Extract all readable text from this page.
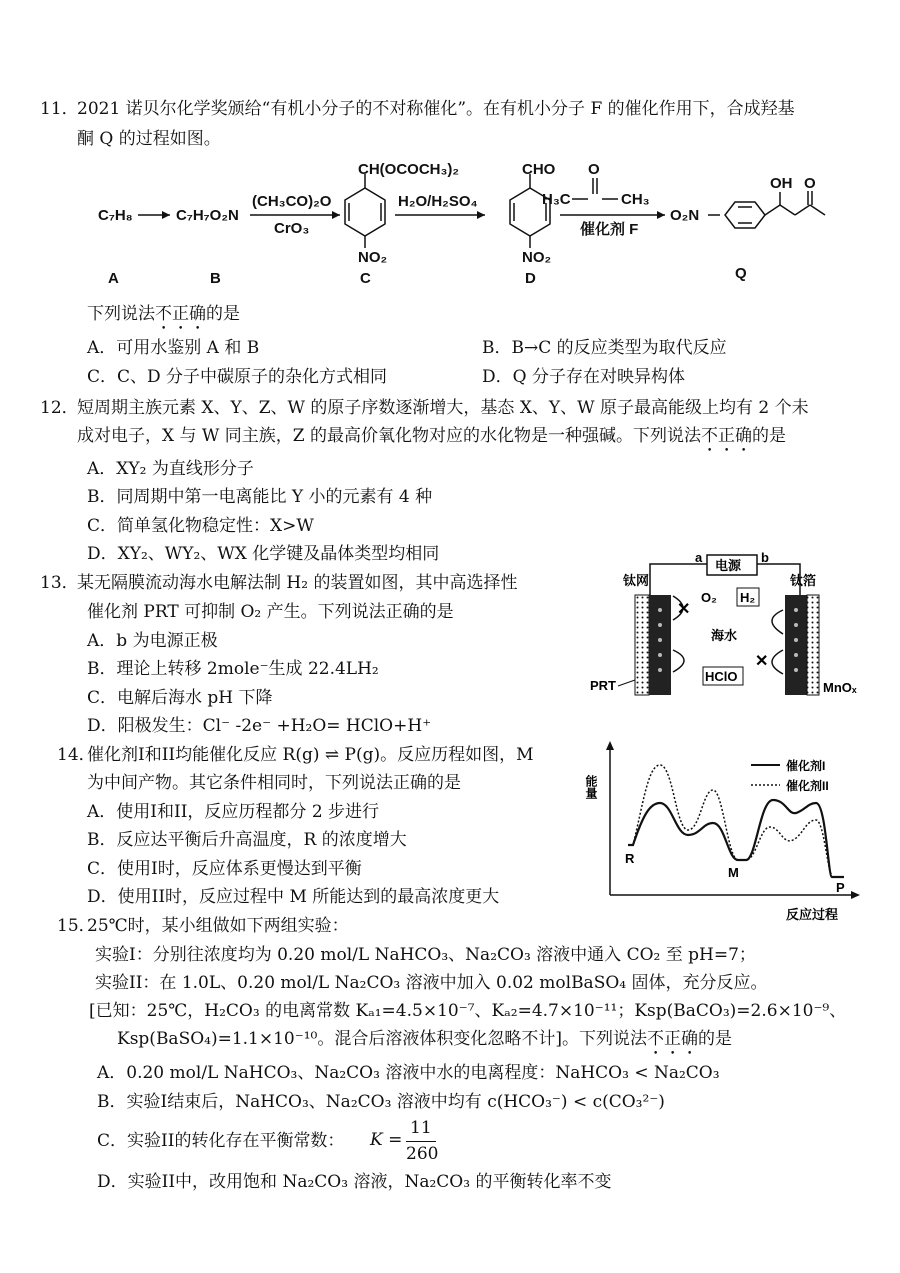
11．
2021 诺贝尔化学奖颁给“有机小分子的不对称催化”。在有机小分子 F 的催化作用下，合成羟基
酮 Q 的过程如图。
C₇H₈	C₇H₇O₂N
(CH₃CO)₂O
CrO₃
CH(OCOCH₃)₂
NO₂
H₂O/H₂SO₄
CHO
NO₂
O
H₃C	CH₃
催化剂 F
O₂N
OH O
A	B	C	D	Q
下列说法不正确的是
A．可用水鉴别 A 和 B	B．B→C 的反应类型为取代反应
C．C、D 分子中碳原子的杂化方式相同	D．Q 分子存在对映异构体
12．
短周期主族元素 X、Y、Z、W 的原子序数逐渐增大，基态 X、Y、W 原子最高能级上均有 2 个未
成对电子，X 与 W 同主族，Z 的最高价氧化物对应的水化物是一种强碱。下列说法不正确的是
A．XY₂ 为直线形分子
B．同周期中第一电离能比 Y 小的元素有 4 种
C．简单氢化物稳定性：X>W
D．XY₂、WY₂、WX 化学键及晶体类型均相同
13．
某无隔膜流动海水电解法制 H₂ 的装置如图，其中高选择性
催化剂 PRT 可抑制 O₂ 产生。下列说法正确的是
A．b 为电源正极
B．理论上转移 2mole⁻生成 22.4LH₂
C．电解后海水 pH 下降
D．阳极发生：Cl⁻ -2e⁻ +H₂O= HClO+H⁺
电源
a	b
钛网	钛箔
✕
✕
O₂ H₂
海水
HClO
PRT	MnOₓ
14．
催化剂I和II均能催化反应 R(g) ⇌ P(g)。反应历程如图，M
为中间产物。其它条件相同时，下列说法正确的是
A．使用I和II，反应历程都分 2 步进行
B．反应达平衡后升高温度，R 的浓度增大
C．使用I时，反应体系更慢达到平衡
D．使用II时，反应过程中 M 所能达到的最高浓度更大
能量
反应过程
催化剂I
催化剂II
R
M
P
15．
25℃时，某小组做如下两组实验：
实验I：分别往浓度均为 0.20 mol/L NaHCO₃、Na₂CO₃ 溶液中通入 CO₂ 至 pH=7；
实验II：在 1.0L、0.20 mol/L Na₂CO₃ 溶液中加入 0.02 molBaSO₄ 固体，充分反应。
[已知：25℃，H₂CO₃ 的电离常数 Kₐ₁=4.5×10⁻⁷、Kₐ₂=4.7×10⁻¹¹；Ksp(BaCO₃)=2.6×10⁻⁹、
Ksp(BaSO₄)=1.1×10⁻¹⁰。混合后溶液体积变化忽略不计]。下列说法不正确的是
A．0.20 mol/L NaHCO₃、Na₂CO₃ 溶液中水的电离程度：NaHCO₃ < Na₂CO₃
B．实验I结束后，NaHCO₃、Na₂CO₃ 溶液中均有 c(HCO₃⁻) < c(CO₃²⁻)
C．实验II的转化存在平衡常数： K =
11
260
D．实验II中，改用饱和 Na₂CO₃ 溶液，Na₂CO₃ 的平衡转化率不变
